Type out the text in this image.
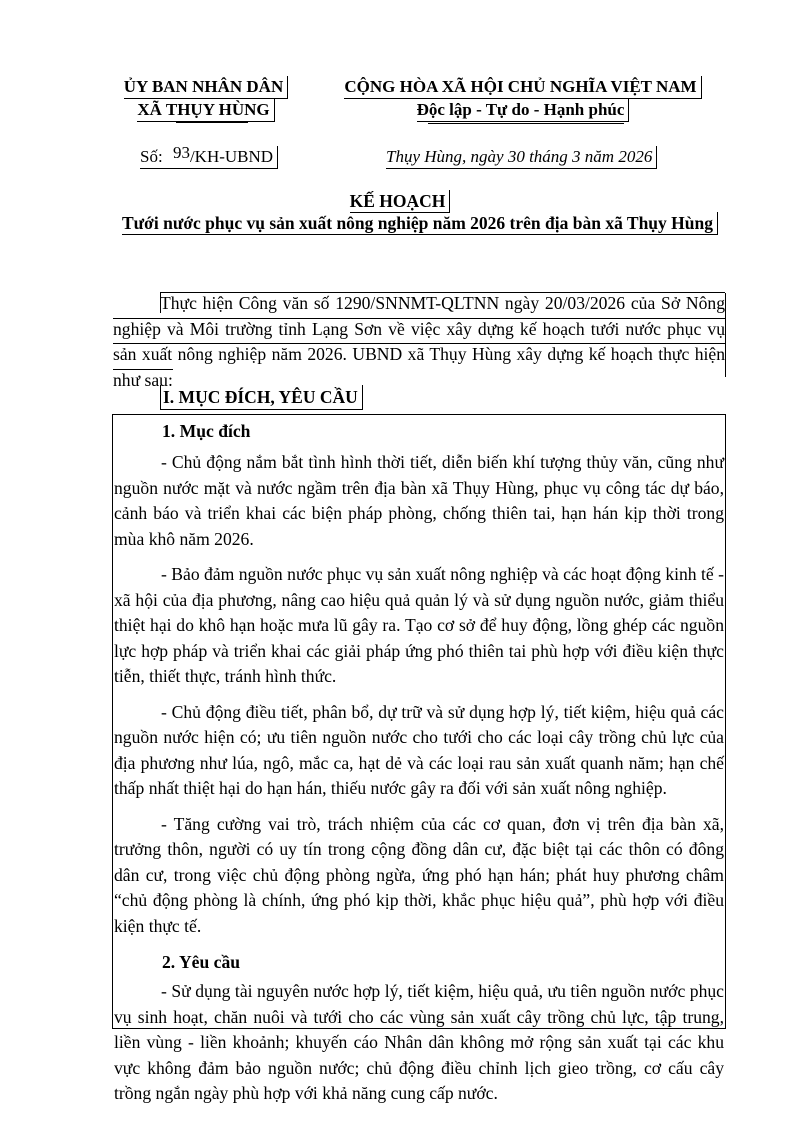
ỦY BAN NHÂN DÂN
XÃ THỤY HÙNG
CỘNG HÒA XÃ HỘI CHỦ NGHĨA VIỆT NAM
Độc lập - Tự do - Hạnh phúc
Số: 93/KH-UBND	Thụy Hùng, ngày 30 tháng 3 năm 2026
KẾ HOẠCH
Tưới nước phục vụ sản xuất nông nghiệp năm 2026 trên địa bàn xã Thụy Hùng

Thực hiện Công văn số 1290/SNNMT-QLTNN ngày 20/03/2026 của Sở Nông nghiệp và Môi trường tỉnh Lạng Sơn về việc xây dựng kế hoạch tưới nước phục vụ sản xuất nông nghiệp năm 2026. UBND xã Thụy Hùng xây dựng kế hoạch thực hiện như sau:

I. MỤC ĐÍCH, YÊU CẦU
1. Mục đích

- Chủ động nắm bắt tình hình thời tiết, diễn biến khí tượng thủy văn, cũng như nguồn nước mặt và nước ngầm trên địa bàn xã Thụy Hùng, phục vụ công tác dự báo, cảnh báo và triển khai các biện pháp phòng, chống thiên tai, hạn hán kịp thời trong mùa khô năm 2026.

- Bảo đảm nguồn nước phục vụ sản xuất nông nghiệp và các hoạt động kinh tế - xã hội của địa phương, nâng cao hiệu quả quản lý và sử dụng nguồn nước, giảm thiểu thiệt hại do khô hạn hoặc mưa lũ gây ra. Tạo cơ sở để huy động, lồng ghép các nguồn lực hợp pháp và triển khai các giải pháp ứng phó thiên tai phù hợp với điều kiện thực tiễn, thiết thực, tránh hình thức.

- Chủ động điều tiết, phân bổ, dự trữ và sử dụng hợp lý, tiết kiệm, hiệu quả các nguồn nước hiện có; ưu tiên nguồn nước cho tưới cho các loại cây trồng chủ lực của địa phương như lúa, ngô, mắc ca, hạt dẻ và các loại rau sản xuất quanh năm; hạn chế thấp nhất thiệt hại do hạn hán, thiếu nước gây ra đối với sản xuất nông nghiệp.

- Tăng cường vai trò, trách nhiệm của các cơ quan, đơn vị trên địa bàn xã, trưởng thôn, người có uy tín trong cộng đồng dân cư, đặc biệt tại các thôn có đông dân cư, trong việc chủ động phòng ngừa, ứng phó hạn hán; phát huy phương châm “chủ động phòng là chính, ứng phó kịp thời, khắc phục hiệu quả”, phù hợp với điều kiện thực tế.

2. Yêu cầu

- Sử dụng tài nguyên nước hợp lý, tiết kiệm, hiệu quả, ưu tiên nguồn nước phục vụ sinh hoạt, chăn nuôi và tưới cho các vùng sản xuất cây trồng chủ lực, tập trung, liền vùng - liền khoảnh; khuyến cáo Nhân dân không mở rộng sản xuất tại các khu vực không đảm bảo nguồn nước; chủ động điều chỉnh lịch gieo trồng, cơ cấu cây trồng ngắn ngày phù hợp với khả năng cung cấp nước.
